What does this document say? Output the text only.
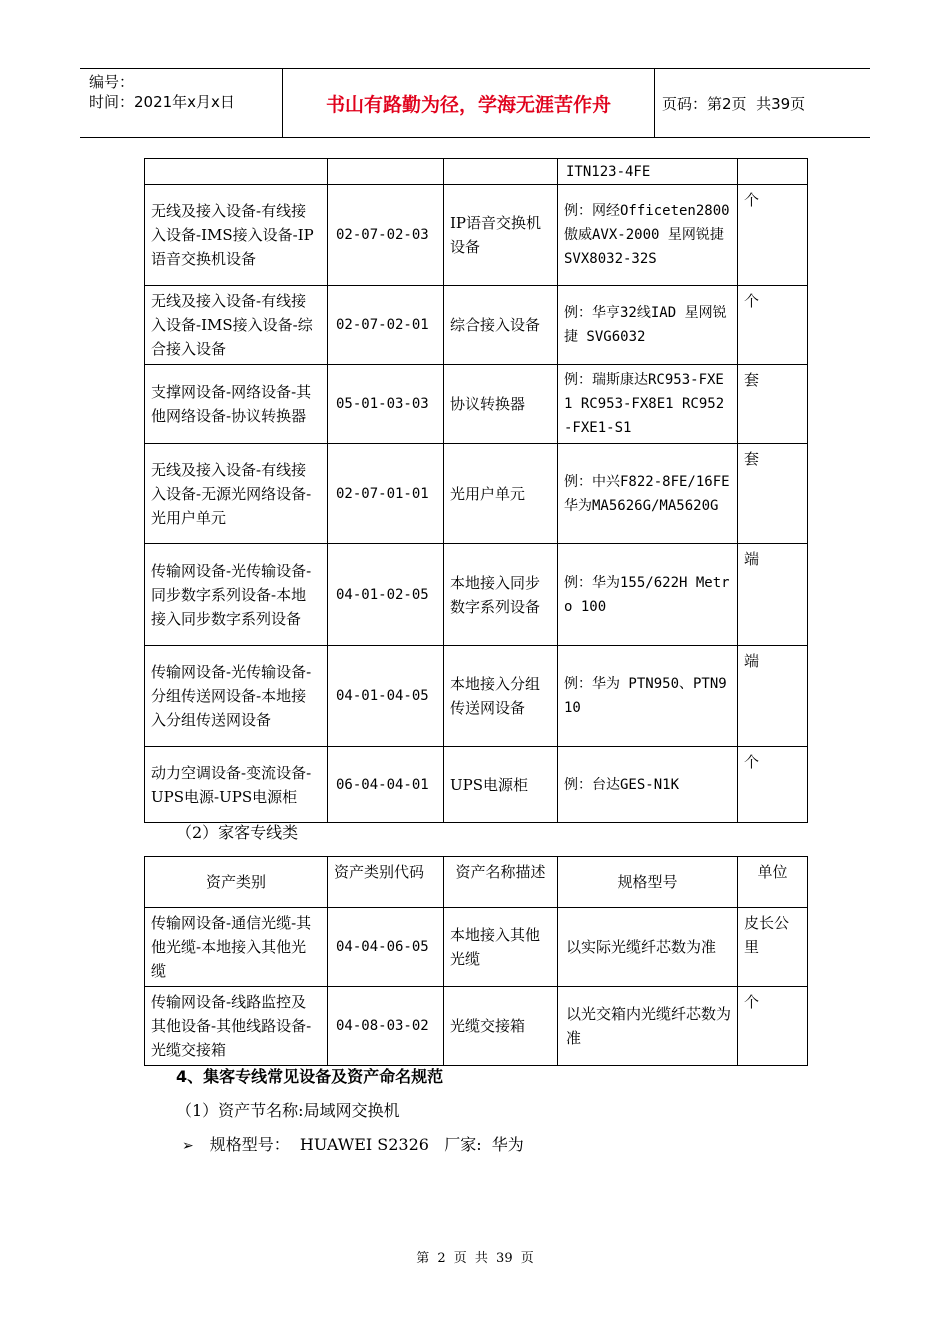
编号：
时间：2021年x月x日	书山有路勤为径，学海无涯苦作舟	页码：第2页  共39页
			ITN123-4FE	
无线及接入设备-有线接入设备-IMS接入设备-IP语音交换机设备	02-07-02-03	IP语音交换机设备	例：网经Officeten2800 傲威AVX-2000 星网锐捷SVX8032-32S	个
无线及接入设备-有线接入设备-IMS接入设备-综合接入设备	02-07-02-01	综合接入设备	例：华亨32线IAD 星网锐捷 SVG6032	个
支撑网设备-网络设备-其他网络设备-协议转换器	05-01-03-03	协议转换器	例：瑞斯康达RC953-FXE1 RC953-FX8E1 RC952-FXE1-S1	套
无线及接入设备-有线接入设备-无源光网络设备-光用户单元	02-07-01-01	光用户单元	例：中兴F822-8FE/16FE 华为MA5626G/MA5620G	套
传输网设备-光传输设备-同步数字系列设备-本地接入同步数字系列设备	04-01-02-05	本地接入同步数字系列设备	例：华为155/622H Metro 100	端
传输网设备-光传输设备-分组传送网设备-本地接入分组传送网设备	04-01-04-05	本地接入分组传送网设备	例：华为 PTN950、PTN910	端
动力空调设备-变流设备-UPS电源-UPS电源柜	06-04-04-01	UPS电源柜	例：台达GES-N1K	个
（2）家客专线类
资产类别	资产类别代码	资产名称描述	规格型号	单位
传输网设备-通信光缆-其他光缆-本地接入其他光缆	04-04-06-05	本地接入其他光缆	以实际光缆纤芯数为准	皮长公里
传输网设备-线路监控及其他设备-其他线路设备-光缆交接箱	04-08-03-02	光缆交接箱	以光交箱内光缆纤芯数为准	个
4、集客专线常见设备及资产命名规范
（1）资产节名称:局域网交换机
➢ 规格型号：  HUAWEI S2326   厂家:  华为
第 2 页 共 39 页
